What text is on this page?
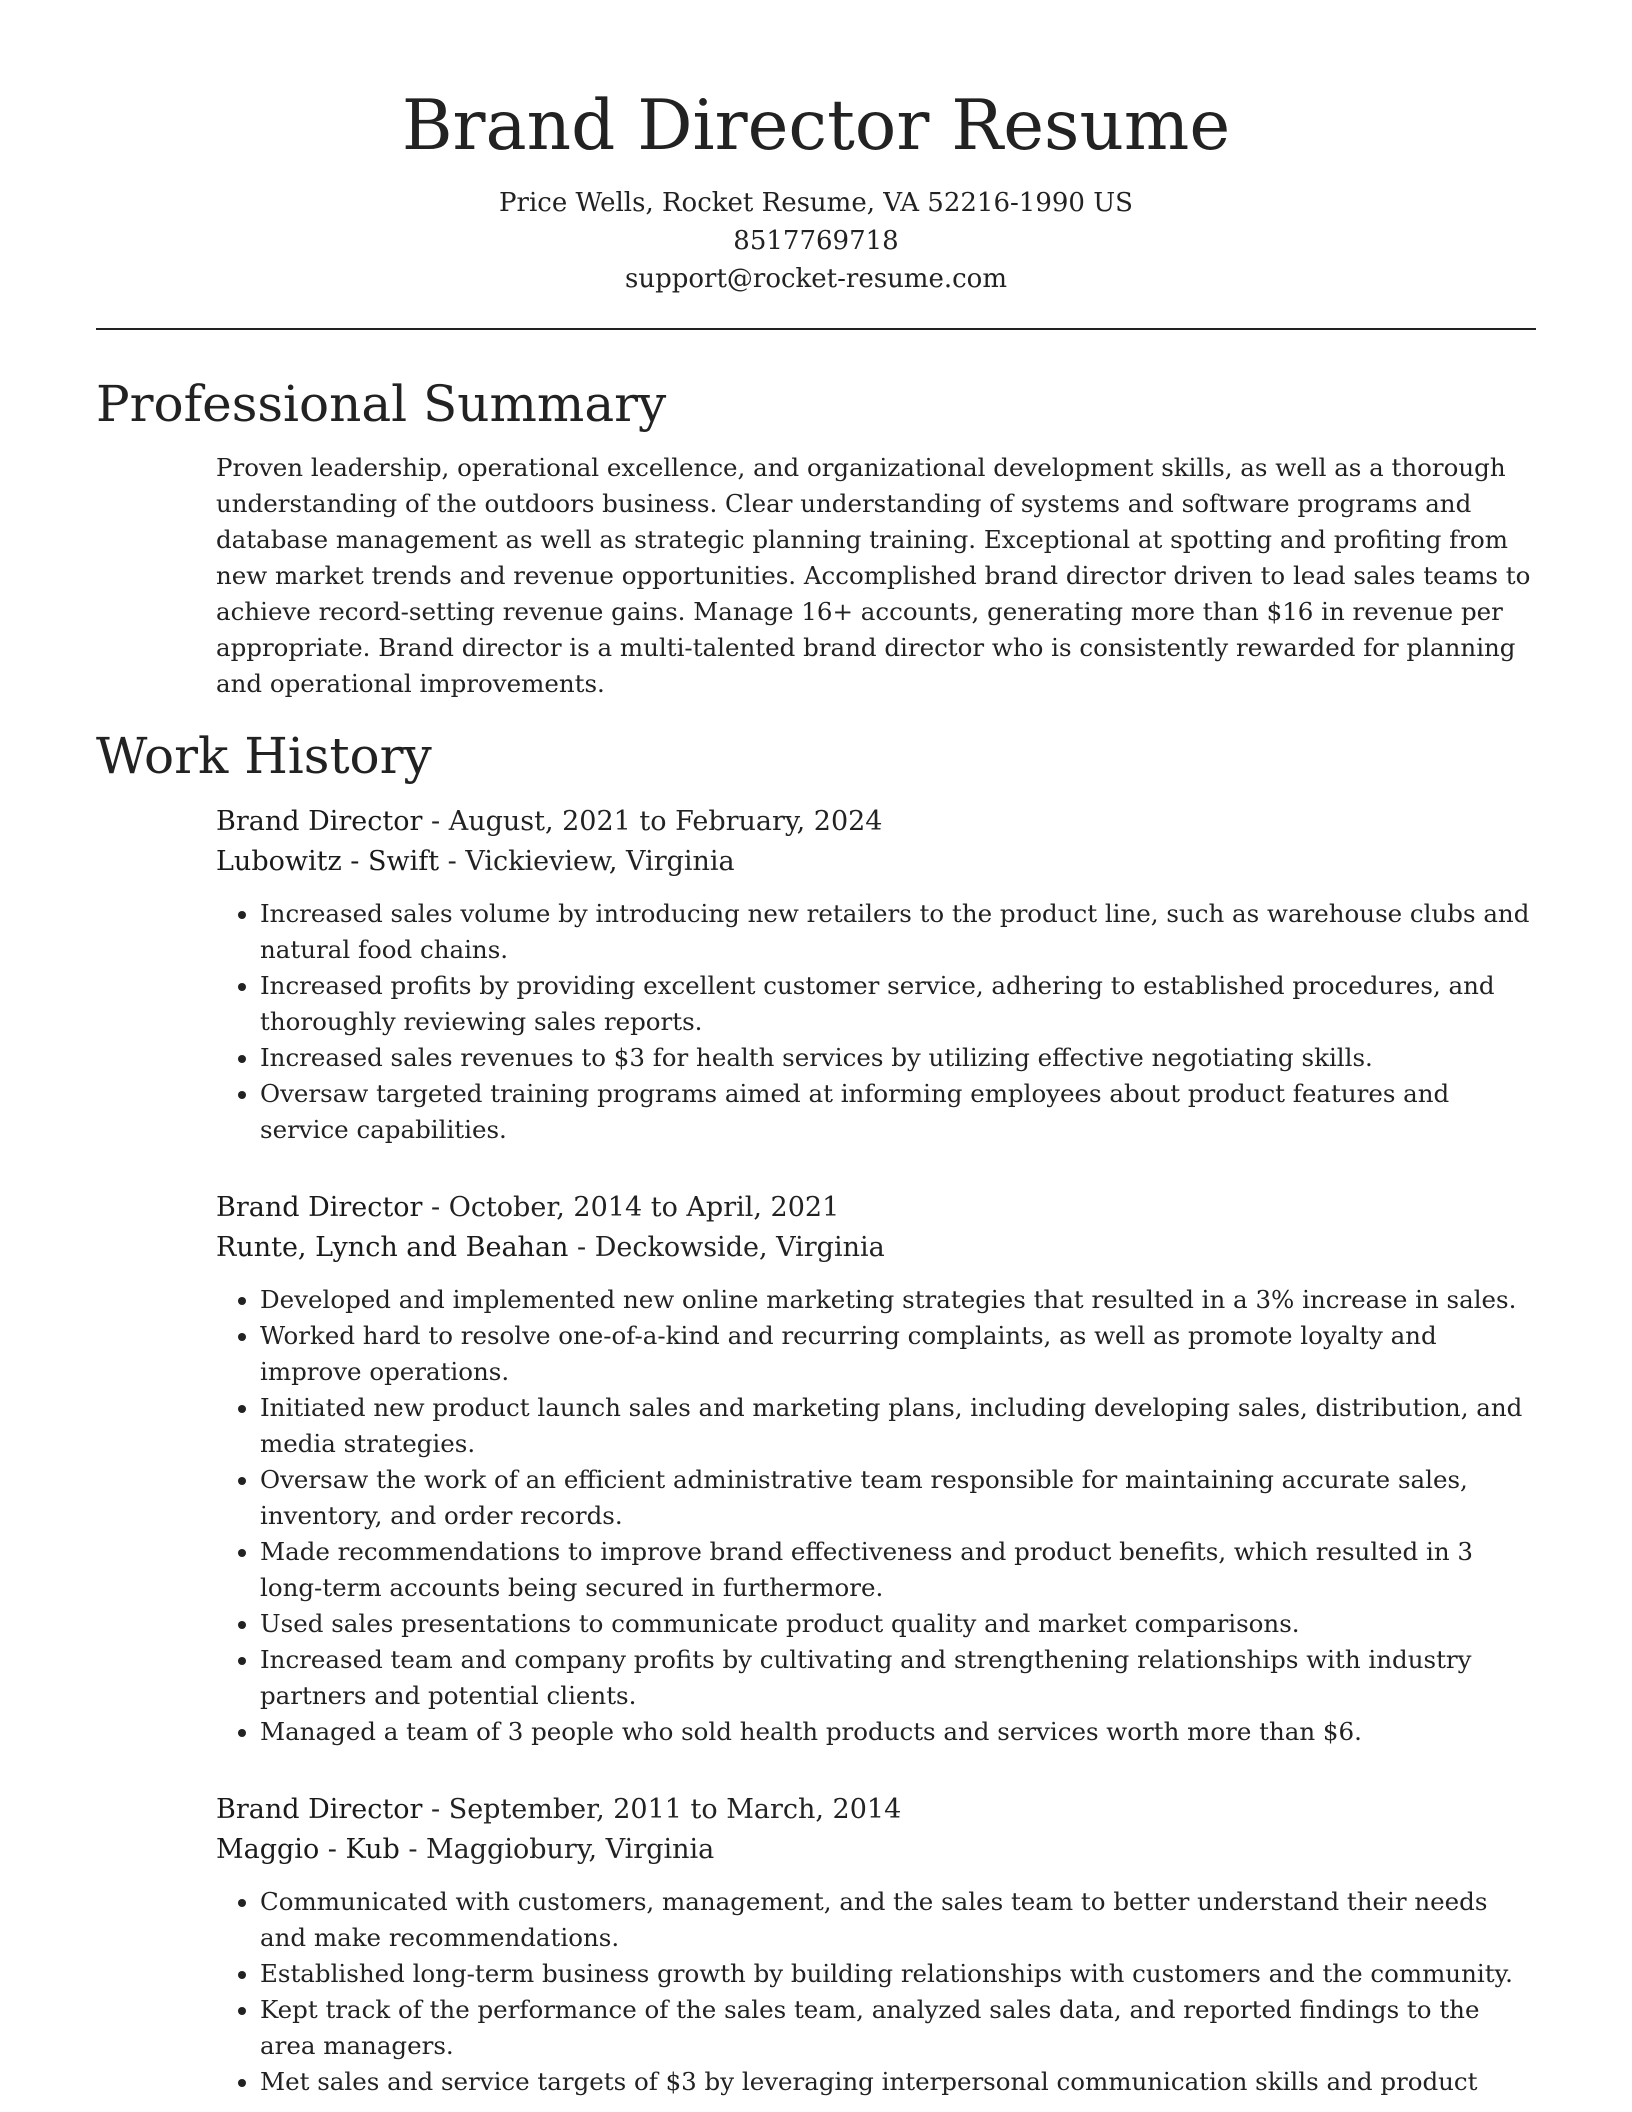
Brand Director Resume
Price Wells, Rocket Resume, VA 52216-1990 US
8517769718
support@rocket-resume.com
Professional Summary

Proven leadership, operational excellence, and organizational development skills, as well as a thorough understanding of the outdoors business. Clear understanding of systems and software programs and database management as well as strategic planning training. Exceptional at spotting and profiting from new market trends and revenue opportunities. Accomplished brand director driven to lead sales teams to achieve record-setting revenue gains. Manage 16+ accounts, generating more than $16 in revenue per appropriate. Brand director is a multi-talented brand director who is consistently rewarded for planning and operational improvements.

Work History
Brand Director - August, 2021 to February, 2024
Lubowitz - Swift - Vickieview, Virginia
• Increased sales volume by introducing new retailers to the product line, such as warehouse clubs and natural food chains.
• Increased profits by providing excellent customer service, adhering to established procedures, and thoroughly reviewing sales reports.
• Increased sales revenues to $3 for health services by utilizing effective negotiating skills.
• Oversaw targeted training programs aimed at informing employees about product features and service capabilities.
Brand Director - October, 2014 to April, 2021
Runte, Lynch and Beahan - Deckowside, Virginia
• Developed and implemented new online marketing strategies that resulted in a 3% increase in sales.
• Worked hard to resolve one-of-a-kind and recurring complaints, as well as promote loyalty and improve operations.
• Initiated new product launch sales and marketing plans, including developing sales, distribution, and media strategies.
• Oversaw the work of an efficient administrative team responsible for maintaining accurate sales, inventory, and order records.
• Made recommendations to improve brand effectiveness and product benefits, which resulted in 3 long-term accounts being secured in furthermore.
• Used sales presentations to communicate product quality and market comparisons.
• Increased team and company profits by cultivating and strengthening relationships with industry partners and potential clients.
• Managed a team of 3 people who sold health products and services worth more than $6.
Brand Director - September, 2011 to March, 2014
Maggio - Kub - Maggiobury, Virginia
• Communicated with customers, management, and the sales team to better understand their needs and make recommendations.
• Established long-term business growth by building relationships with customers and the community.
• Kept track of the performance of the sales team, analyzed sales data, and reported findings to the area managers.
• Met sales and service targets of $3 by leveraging interpersonal communication skills and product
